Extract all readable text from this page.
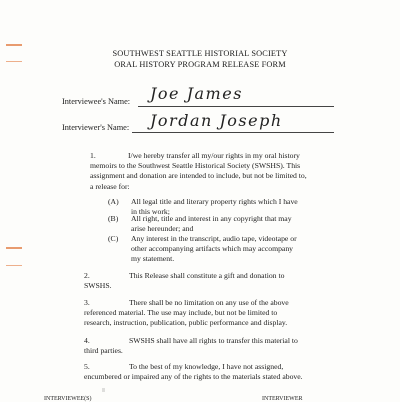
SOUTHWEST SEATTLE HISTORIAL SOCIETY
ORAL HISTORY PROGRAM RELEASE FORM
Interviewee's Name: Joe James
Interviewer's Name: Jordan Joseph
1.	I/we hereby transfer all my/our rights in my oral history
memoirs to the Southwest Seattle Historical Society (SWSHS). This
assignment and donation are intended to include, but not be limited to,
a release for:
(A) All legal title and literary property rights which I have
in this work;
(B) All right, title and interest in any copyright that may
arise hereunder; and
(C) Any interest in the transcript, audio tape, videotape or
other accompanying artifacts which may accompany
my statement.
2.	This Release shall constitute a gift and donation to
SWSHS.
3.	There shall be no limitation on any use of the above
referenced material. The use may include, but not be limited to
research, instruction, publication, public performance and display.
4.	SWSHS shall have all rights to transfer this material to
third parties.
5.	To the best of my knowledge, I have not assigned,
encumbered or impaired any of the rights to the materials stated above.
INTERVIEWEE(S)	INTERVIEWER
